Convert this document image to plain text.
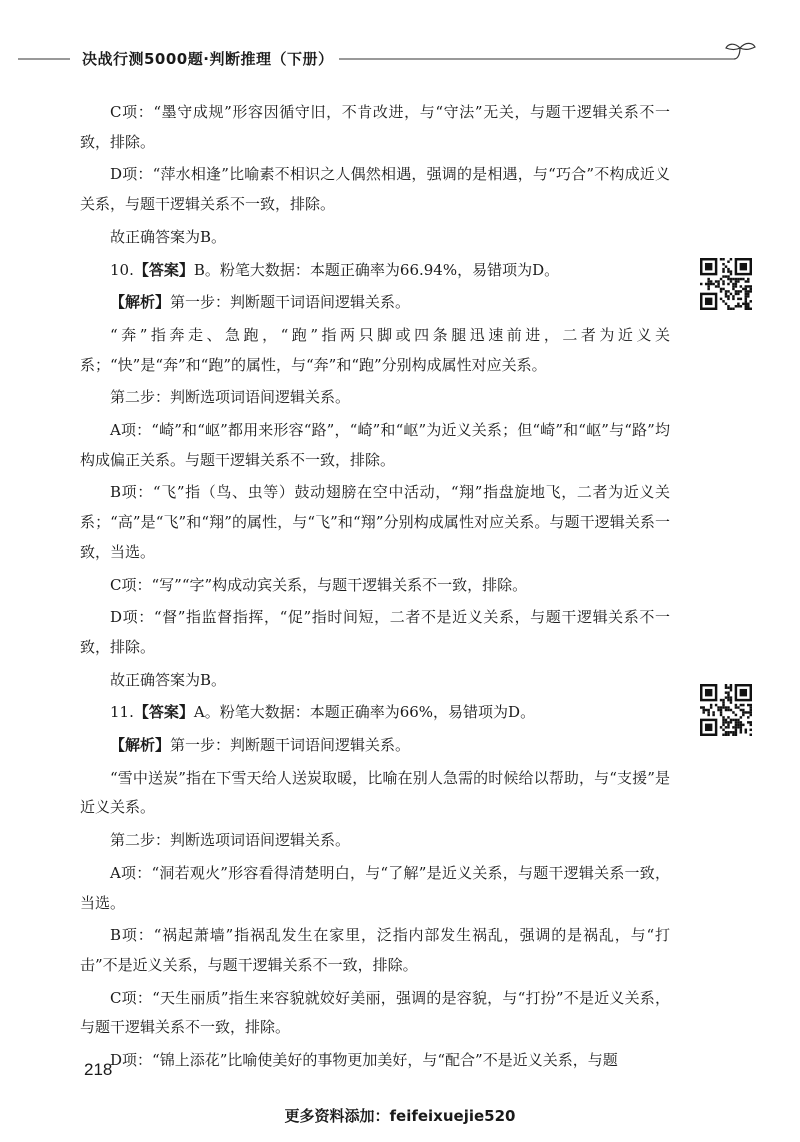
决战行测5000题·判断推理（下册）

C项：“墨守成规”形容因循守旧，不肯改进，与“守法”无关，与题干逻辑关系不一致，排除。

D项：“萍水相逢”比喻素不相识之人偶然相遇，强调的是相遇，与“巧合”不构成近义关系，与题干逻辑关系不一致，排除。

故正确答案为B。

10.【答案】B。粉笔大数据：本题正确率为66.94%，易错项为D。

【解析】第一步：判断题干词语间逻辑关系。

“奔”指奔走、急跑，“跑”指两只脚或四条腿迅速前进，二者为近义关系；“快”是“奔”和“跑”的属性，与“奔”和“跑”分别构成属性对应关系。

第二步：判断选项词语间逻辑关系。

A项：“崎”和“岖”都用来形容“路”，“崎”和“岖”为近义关系；但“崎”和“岖”与“路”均构成偏正关系。与题干逻辑关系不一致，排除。

B项：“飞”指（鸟、虫等）鼓动翅膀在空中活动，“翔”指盘旋地飞，二者为近义关系；“高”是“飞”和“翔”的属性，与“飞”和“翔”分别构成属性对应关系。与题干逻辑关系一致，当选。

C项：“写”“字”构成动宾关系，与题干逻辑关系不一致，排除。

D项：“督”指监督指挥，“促”指时间短，二者不是近义关系，与题干逻辑关系不一致，排除。

故正确答案为B。

11.【答案】A。粉笔大数据：本题正确率为66%，易错项为D。

【解析】第一步：判断题干词语间逻辑关系。

“雪中送炭”指在下雪天给人送炭取暖，比喻在别人急需的时候给以帮助，与“支援”是近义关系。

第二步：判断选项词语间逻辑关系。

A项：“洞若观火”形容看得清楚明白，与“了解”是近义关系，与题干逻辑关系一致，当选。

B项：“祸起萧墙”指祸乱发生在家里，泛指内部发生祸乱，强调的是祸乱，与“打击”不是近义关系，与题干逻辑关系不一致，排除。

C项：“天生丽质”指生来容貌就姣好美丽，强调的是容貌，与“打扮”不是近义关系，与题干逻辑关系不一致，排除。

D项：“锦上添花”比喻使美好的事物更加美好，与“配合”不是近义关系，与题

218
更多资料添加：feifeixuejie520
